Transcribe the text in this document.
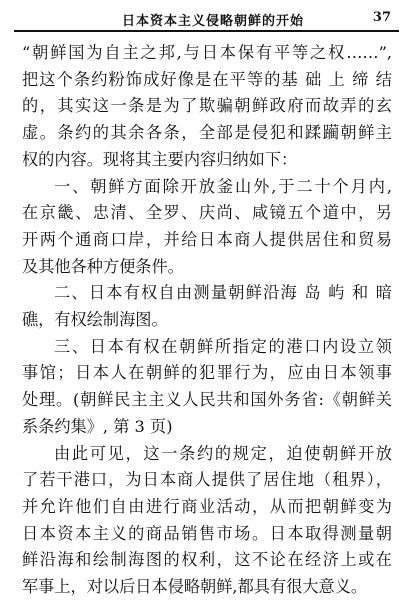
日本资本主义侵略朝鲜的开始	37
“朝鲜国为自主之邦,与日本保有平等之权……”,
把这个条约粉饰成好像是在平等的基 础 上 缔 结
的，其实这一条是为了欺骗朝鲜政府而故弄的玄
虚。条约的其余各条，全部是侵犯和蹂躏朝鲜主
权的内容。现将其主要内容归纳如下：
一、朝鲜方面除开放釜山外,于二十个月内,
在京畿、忠清、全罗、庆尚、咸镜五个道中，另
开两个通商口岸，并给日本商人提供居住和贸易
及其他各种方便条件。
二、日本有权自由测量朝鲜沿海 岛 屿 和 暗
礁，有权绘制海图。
三、日本有权在朝鲜所指定的港口内设立领
事馆；日本人在朝鲜的犯罪行为，应由日本领事
处理。(朝鲜民主主义人民共和国外务省:《朝鲜关
系条约集》, 第 3 页)
由此可见，这一条约的规定，迫使朝鲜开放
了若干港口，为日本商人提供了居住地（租界），
并允许他们自由进行商业活动，从而把朝鲜变为
日本资本主义的商品销售市场。日本取得测量朝
鲜沿海和绘制海图的权利，这不论在经济上或在
军事上，对以后日本侵略朝鲜,都具有很大意义。
